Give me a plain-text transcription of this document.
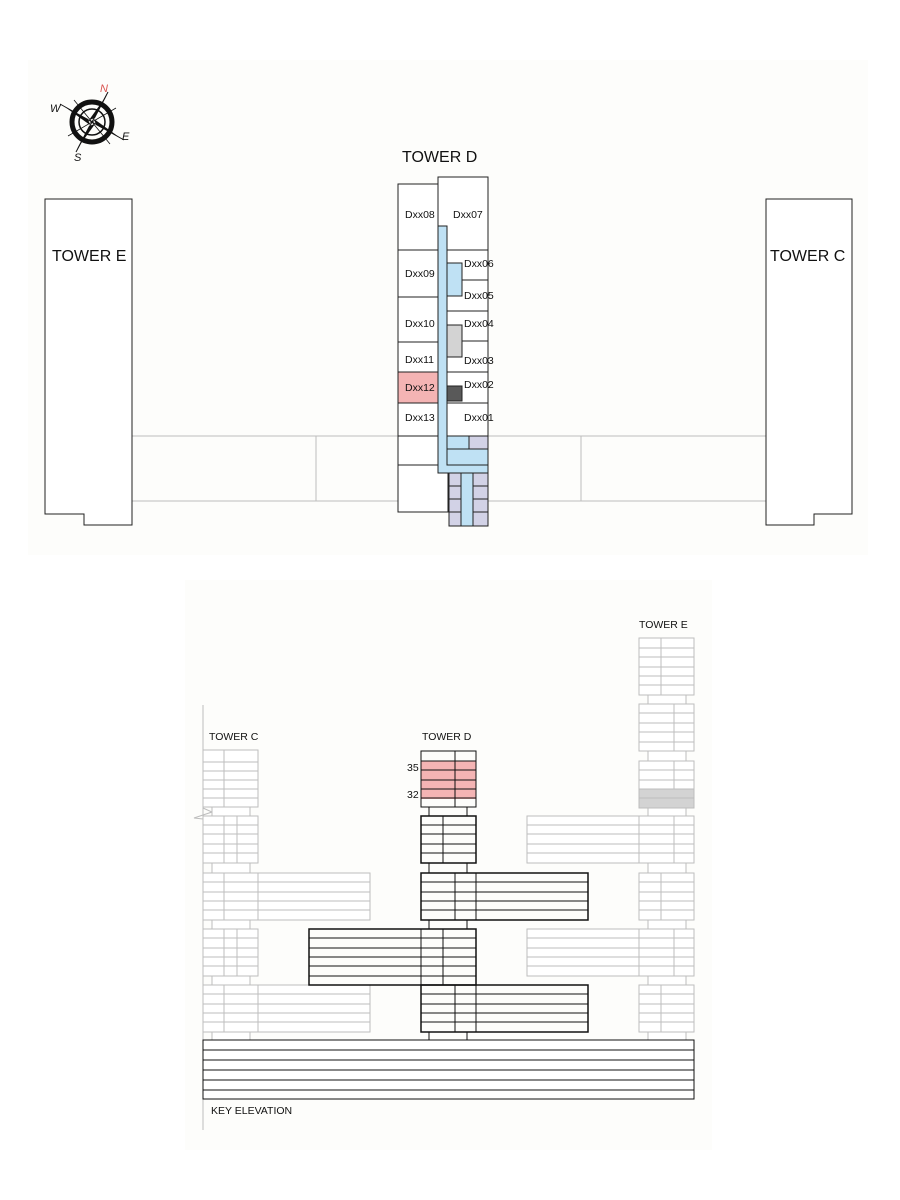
N
W
E
S
TOWER E	TOWER C
TOWER D
Dxx08 Dxx07
Dxx09
Dxx06
Dxx05
Dxx10	Dxx04
Dxx11	Dxx03
Dxx12	Dxx02
Dxx13	Dxx01
TOWER C	TOWER D
TOWER E
35
32
KEY ELEVATION
